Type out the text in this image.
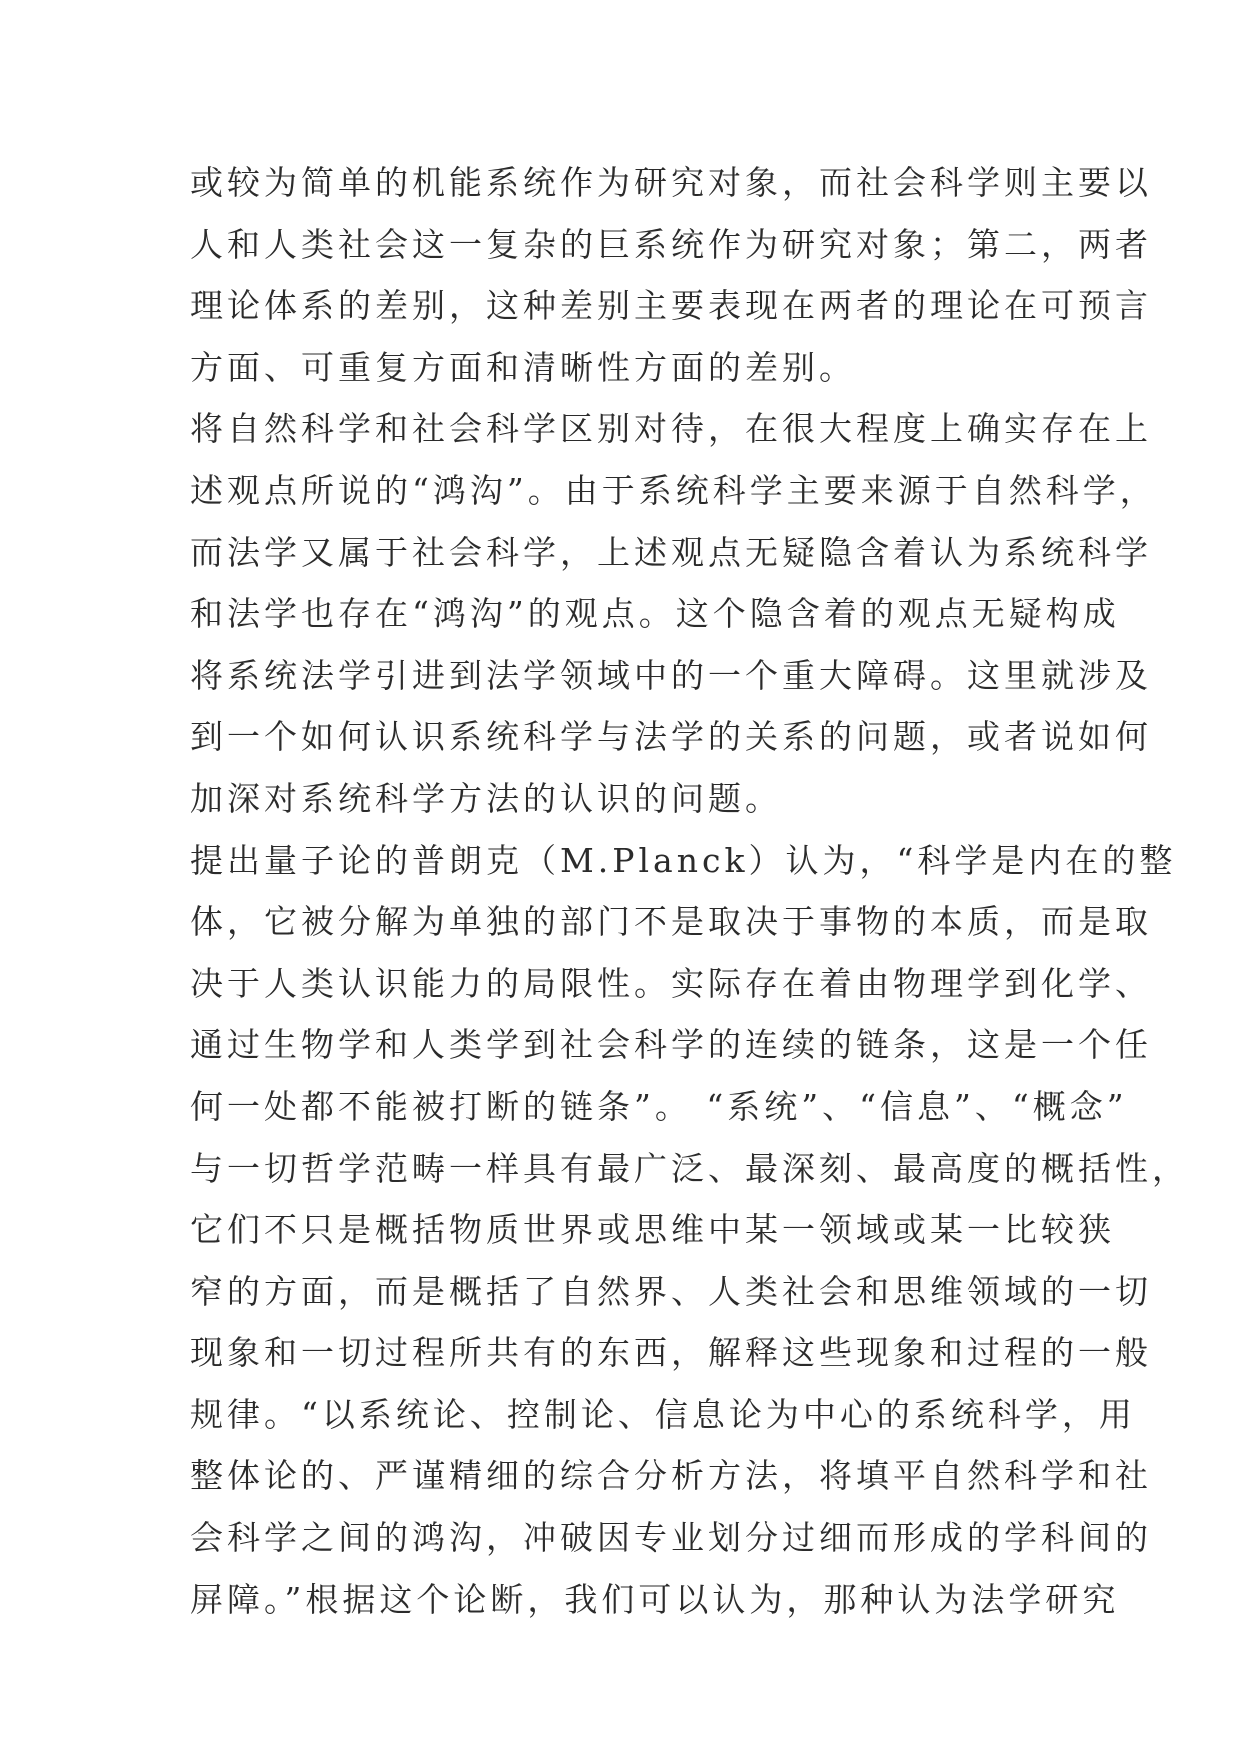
或较为简单的机能系统作为研究对象，而社会科学则主要以
人和人类社会这一复杂的巨系统作为研究对象；第二，两者
理论体系的差别，这种差别主要表现在两者的理论在可预言
方面、可重复方面和清晰性方面的差别。
将自然科学和社会科学区别对待，在很大程度上确实存在上
述观点所说的“鸿沟”。由于系统科学主要来源于自然科学，
而法学又属于社会科学，上述观点无疑隐含着认为系统科学
和法学也存在“鸿沟”的观点。这个隐含着的观点无疑构成
将系统法学引进到法学领域中的一个重大障碍。这里就涉及
到一个如何认识系统科学与法学的关系的问题，或者说如何
加深对系统科学方法的认识的问题。
提出量子论的普朗克（M.Planck）认为，“科学是内在的整
体，它被分解为单独的部门不是取决于事物的本质，而是取
决于人类认识能力的局限性。实际存在着由物理学到化学、
通过生物学和人类学到社会科学的连续的链条，这是一个任
何一处都不能被打断的链条”。 “系统”、“信息”、“概念”
与一切哲学范畴一样具有最广泛、最深刻、最高度的概括性，
它们不只是概括物质世界或思维中某一领域或某一比较狭
窄的方面，而是概括了自然界、人类社会和思维领域的一切
现象和一切过程所共有的东西，解释这些现象和过程的一般
规律。“以系统论、控制论、信息论为中心的系统科学，用
整体论的、严谨精细的综合分析方法，将填平自然科学和社
会科学之间的鸿沟，冲破因专业划分过细而形成的学科间的
屏障。”根据这个论断，我们可以认为，那种认为法学研究
